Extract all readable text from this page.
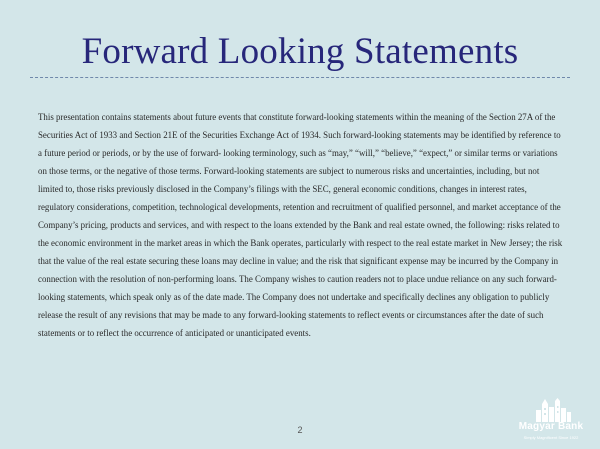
Forward Looking Statements

This presentation contains statements about future events that constitute forward-looking statements within the meaning of the Section 27A of the Securities Act of 1933 and Section 21E of the Securities Exchange Act of 1934. Such forward-looking statements may be identified by reference to a future period or periods, or by the use of forward- looking terminology, such as “may,” “will,” “believe,” “expect,” or similar terms or variations on those terms, or the negative of those terms. Forward-looking statements are subject to numerous risks and uncertainties, including, but not limited to, those risks previously disclosed in the Company’s filings with the SEC, general economic conditions, changes in interest rates, regulatory considerations, competition, technological developments, retention and recruitment of qualified personnel, and market acceptance of the Company’s pricing, products and services, and with respect to the loans extended by the Bank and real estate owned, the following: risks related to the economic environment in the market areas in which the Bank operates, particularly with respect to the real estate market in New Jersey; the risk that the value of the real estate securing these loans may decline in value; and the risk that significant expense may be incurred by the Company in connection with the resolution of non-performing loans. The Company wishes to caution readers not to place undue reliance on any such forward-looking statements, which speak only as of the date made. The Company does not undertake and specifically declines any obligation to publicly release the result of any revisions that may be made to any forward-looking statements to reflect events or circumstances after the date of such statements or to reflect the occurrence of anticipated or unanticipated events.

2	Magyar Bank
Simply Magnificent Since 1922
